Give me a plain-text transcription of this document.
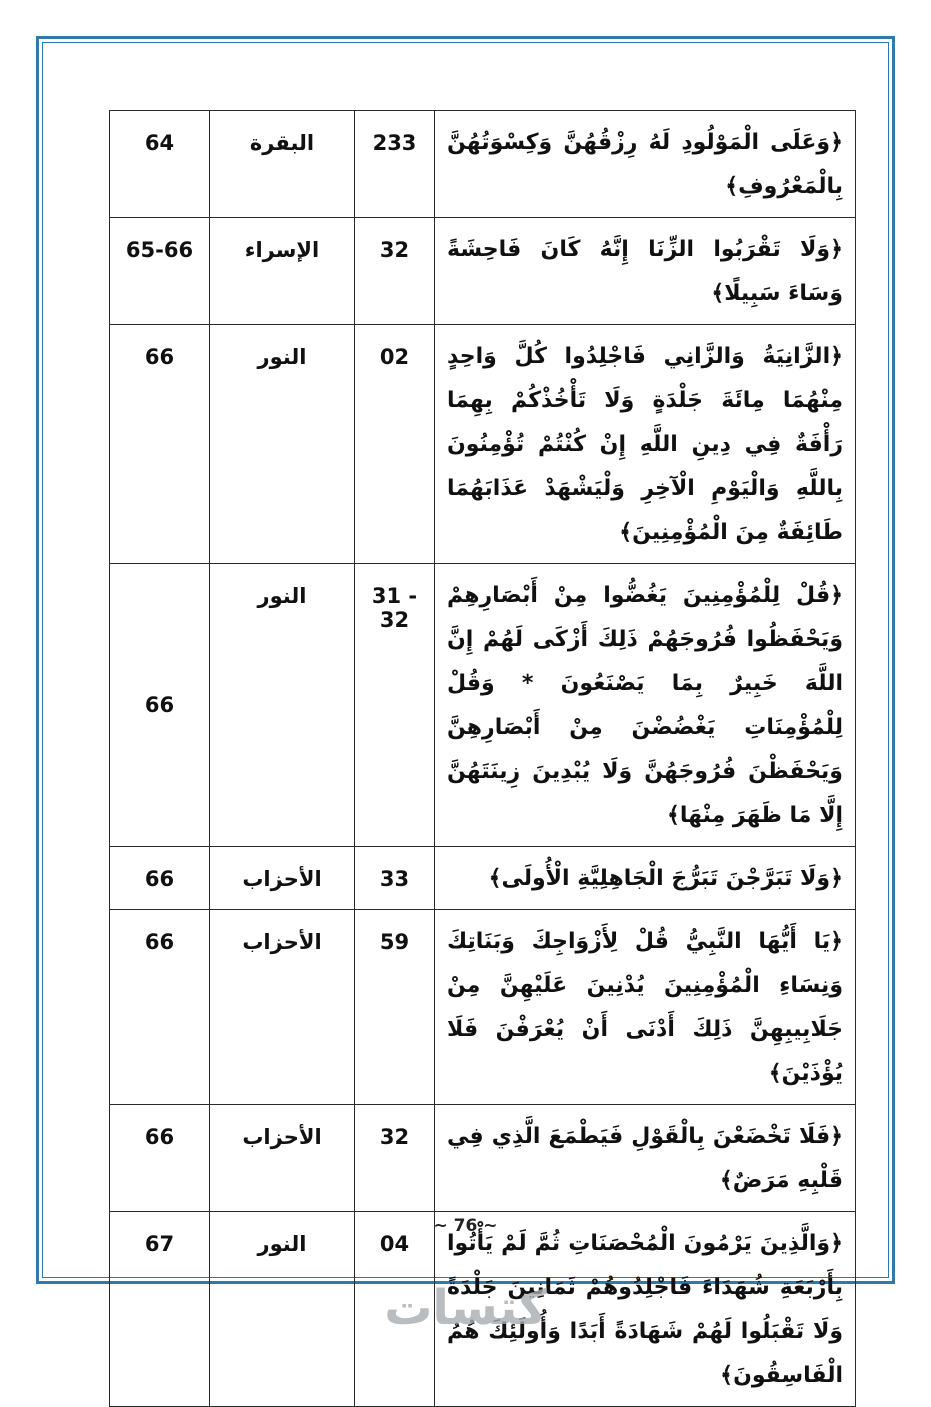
﴿وَعَلَى الْمَوْلُودِ لَهُ رِزْقُهُنَّ وَكِسْوَتُهُنَّ بِالْمَعْرُوفِ﴾	233	البقرة	64
﴿وَلَا تَقْرَبُوا الزِّنَا إِنَّهُ كَانَ فَاحِشَةً وَسَاءَ سَبِيلًا﴾	32	الإسراء	65-66
﴿الزَّانِيَةُ وَالزَّانِي فَاجْلِدُوا كُلَّ وَاحِدٍ مِنْهُمَا مِائَةَ جَلْدَةٍ وَلَا تَأْخُذْكُمْ بِهِمَا رَأْفَةٌ فِي دِينِ اللَّهِ إِنْ كُنْتُمْ تُؤْمِنُونَ بِاللَّهِ وَالْيَوْمِ الْآخِرِ وَلْيَشْهَدْ عَذَابَهُمَا طَائِفَةٌ مِنَ الْمُؤْمِنِينَ﴾	02	النور	66
﴿قُلْ لِلْمُؤْمِنِينَ يَغُضُّوا مِنْ أَبْصَارِهِمْ وَيَحْفَظُوا فُرُوجَهُمْ ذَلِكَ أَزْكَى لَهُمْ إِنَّ اللَّهَ خَبِيرٌ بِمَا يَصْنَعُونَ * وَقُلْ لِلْمُؤْمِنَاتِ يَغْضُضْنَ مِنْ أَبْصَارِهِنَّ وَيَحْفَظْنَ فُرُوجَهُنَّ وَلَا يُبْدِينَ زِينَتَهُنَّ إِلَّا مَا ظَهَرَ مِنْهَا﴾	31 - 32	النور	66
﴿وَلَا تَبَرَّجْنَ تَبَرُّجَ الْجَاهِلِيَّةِ الْأُولَى﴾	33	الأحزاب	66
﴿يَا أَيُّهَا النَّبِيُّ قُلْ لِأَزْوَاجِكَ وَبَنَاتِكَ وَنِسَاءِ الْمُؤْمِنِينَ يُدْنِينَ عَلَيْهِنَّ مِنْ جَلَابِيبِهِنَّ ذَلِكَ أَدْنَى أَنْ يُعْرَفْنَ فَلَا يُؤْذَيْنَ﴾	59	الأحزاب	66
﴿فَلَا تَخْضَعْنَ بِالْقَوْلِ فَيَطْمَعَ الَّذِي فِي قَلْبِهِ مَرَضٌ﴾	32	الأحزاب	66
﴿وَالَّذِينَ يَرْمُونَ الْمُحْصَنَاتِ ثُمَّ لَمْ يَأْتُوا بِأَرْبَعَةِ شُهَدَاءَ فَاجْلِدُوهُمْ ثَمَانِينَ جَلْدَةً وَلَا تَقْبَلُوا لَهُمْ شَهَادَةً أَبَدًا وَأُولَئِكَ هُمُ الْفَاسِقُونَ﴾	04	النور	67
~ 76 ~
كتسات
